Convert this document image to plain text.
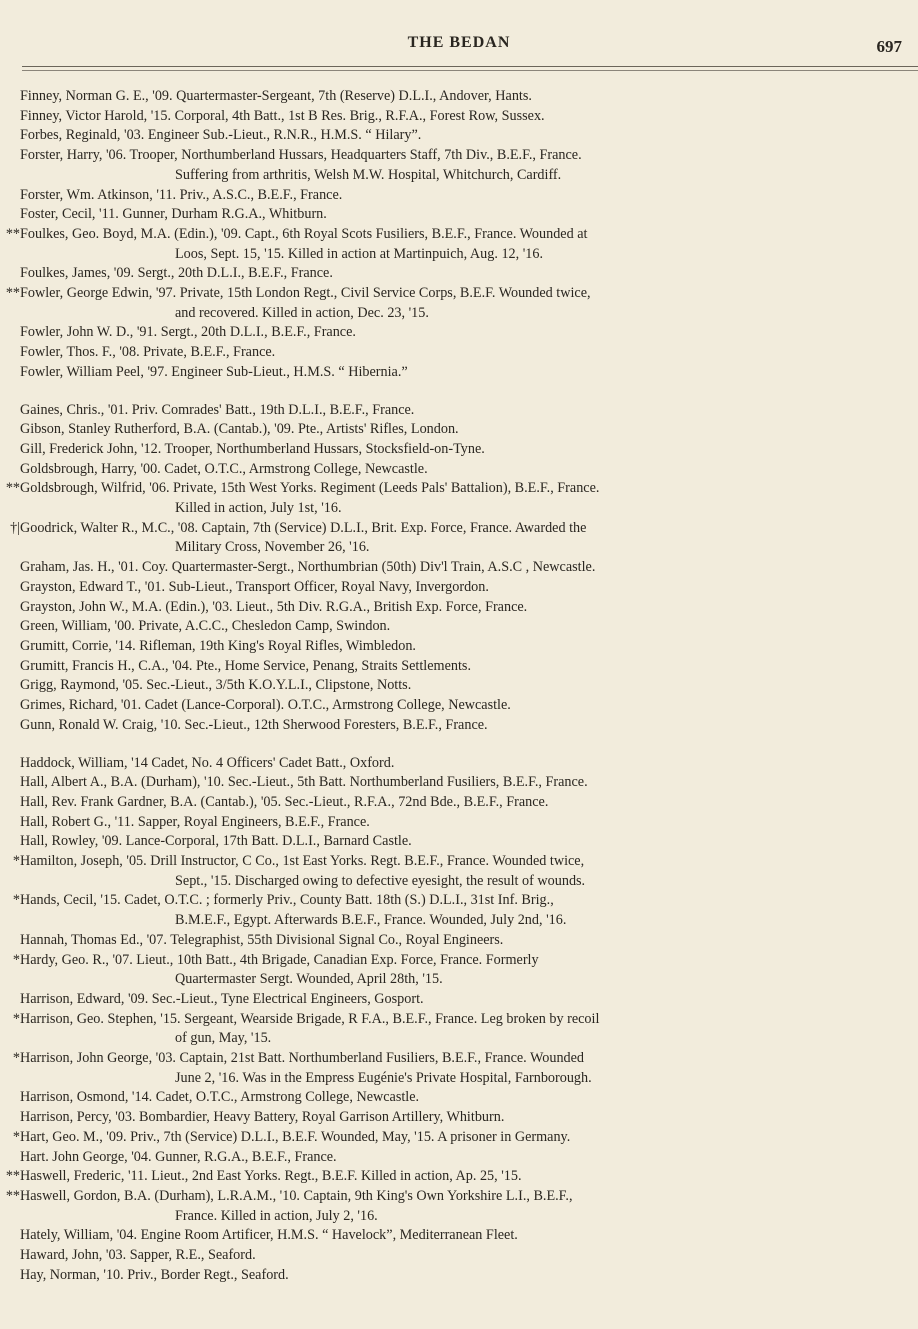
THE BEDAN	697
Finney, Norman G. E., '09. Quartermaster-Sergeant, 7th (Reserve) D.L.I., Andover, Hants.
Finney, Victor Harold, '15. Corporal, 4th Batt., 1st B Res. Brig., R.F.A., Forest Row, Sussex.
Forbes, Reginald, '03. Engineer Sub.-Lieut., R.N.R., H.M.S. “ Hilary”.
Forster, Harry, '06. Trooper, Northumberland Hussars, Headquarters Staff, 7th Div., B.E.F., France.
Suffering from arthritis, Welsh M.W. Hospital, Whitchurch, Cardiff.
Forster, Wm. Atkinson, '11. Priv., A.S.C., B.E.F., France.
Foster, Cecil, '11. Gunner, Durham R.G.A., Whitburn.
**Foulkes, Geo. Boyd, M.A. (Edin.), '09. Capt., 6th Royal Scots Fusiliers, B.E.F., France. Wounded at
Loos, Sept. 15, '15. Killed in action at Martinpuich, Aug. 12, '16.
Foulkes, James, '09. Sergt., 20th D.L.I., B.E.F., France.
**Fowler, George Edwin, '97. Private, 15th London Regt., Civil Service Corps, B.E.F. Wounded twice,
and recovered. Killed in action, Dec. 23, '15.
Fowler, John W. D., '91. Sergt., 20th D.L.I., B.E.F., France.
Fowler, Thos. F., '08. Private, B.E.F., France.
Fowler, William Peel, '97. Engineer Sub-Lieut., H.M.S. “ Hibernia.”
Gaines, Chris., '01. Priv. Comrades' Batt., 19th D.L.I., B.E.F., France.
Gibson, Stanley Rutherford, B.A. (Cantab.), '09. Pte., Artists' Rifles, London.
Gill, Frederick John, '12. Trooper, Northumberland Hussars, Stocksfield-on-Tyne.
Goldsbrough, Harry, '00. Cadet, O.T.C., Armstrong College, Newcastle.
**Goldsbrough, Wilfrid, '06. Private, 15th West Yorks. Regiment (Leeds Pals' Battalion), B.E.F., France.
Killed in action, July 1st, '16.
†|Goodrick, Walter R., M.C., '08. Captain, 7th (Service) D.L.I., Brit. Exp. Force, France. Awarded the
Military Cross, November 26, '16.
Graham, Jas. H., '01. Coy. Quartermaster-Sergt., Northumbrian (50th) Div'l Train, A.S.C , Newcastle.
Grayston, Edward T., '01. Sub-Lieut., Transport Officer, Royal Navy, Invergordon.
Grayston, John W., M.A. (Edin.), '03. Lieut., 5th Div. R.G.A., British Exp. Force, France.
Green, William, '00. Private, A.C.C., Chesledon Camp, Swindon.
Grumitt, Corrie, '14. Rifleman, 19th King's Royal Rifles, Wimbledon.
Grumitt, Francis H., C.A., '04. Pte., Home Service, Penang, Straits Settlements.
Grigg, Raymond, '05. Sec.-Lieut., 3/5th K.O.Y.L.I., Clipstone, Notts.
Grimes, Richard, '01. Cadet (Lance-Corporal). O.T.C., Armstrong College, Newcastle.
Gunn, Ronald W. Craig, '10. Sec.-Lieut., 12th Sherwood Foresters, B.E.F., France.
Haddock, William, '14 Cadet, No. 4 Officers' Cadet Batt., Oxford.
Hall, Albert A., B.A. (Durham), '10. Sec.-Lieut., 5th Batt. Northumberland Fusiliers, B.E.F., France.
Hall, Rev. Frank Gardner, B.A. (Cantab.), '05. Sec.-Lieut., R.F.A., 72nd Bde., B.E.F., France.
Hall, Robert G., '11. Sapper, Royal Engineers, B.E.F., France.
Hall, Rowley, '09. Lance-Corporal, 17th Batt. D.L.I., Barnard Castle.
*Hamilton, Joseph, '05. Drill Instructor, C Co., 1st East Yorks. Regt. B.E.F., France. Wounded twice,
Sept., '15. Discharged owing to defective eyesight, the result of wounds.
*Hands, Cecil, '15. Cadet, O.T.C. ; formerly Priv., County Batt. 18th (S.) D.L.I., 31st Inf. Brig.,
B.M.E.F., Egypt. Afterwards B.E.F., France. Wounded, July 2nd, '16.
Hannah, Thomas Ed., '07. Telegraphist, 55th Divisional Signal Co., Royal Engineers.
*Hardy, Geo. R., '07. Lieut., 10th Batt., 4th Brigade, Canadian Exp. Force, France. Formerly
Quartermaster Sergt. Wounded, April 28th, '15.
Harrison, Edward, '09. Sec.-Lieut., Tyne Electrical Engineers, Gosport.
*Harrison, Geo. Stephen, '15. Sergeant, Wearside Brigade, R F.A., B.E.F., France. Leg broken by recoil
of gun, May, '15.
*Harrison, John George, '03. Captain, 21st Batt. Northumberland Fusiliers, B.E.F., France. Wounded
June 2, '16. Was in the Empress Eugénie's Private Hospital, Farnborough.
Harrison, Osmond, '14. Cadet, O.T.C., Armstrong College, Newcastle.
Harrison, Percy, '03. Bombardier, Heavy Battery, Royal Garrison Artillery, Whitburn.
*Hart, Geo. M., '09. Priv., 7th (Service) D.L.I., B.E.F. Wounded, May, '15. A prisoner in Germany.
Hart. John George, '04. Gunner, R.G.A., B.E.F., France.
**Haswell, Frederic, '11. Lieut., 2nd East Yorks. Regt., B.E.F. Killed in action, Ap. 25, '15.
**Haswell, Gordon, B.A. (Durham), L.R.A.M., '10. Captain, 9th King's Own Yorkshire L.I., B.E.F.,
France. Killed in action, July 2, '16.
Hately, William, '04. Engine Room Artificer, H.M.S. “ Havelock”, Mediterranean Fleet.
Haward, John, '03. Sapper, R.E., Seaford.
Hay, Norman, '10. Priv., Border Regt., Seaford.
